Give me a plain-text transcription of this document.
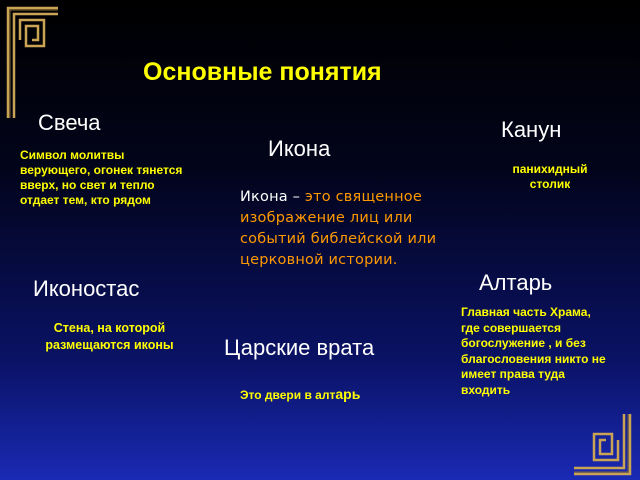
Основные понятия
Свеча
Символ молитвы верующего, огонек тянется вверх, но свет и тепло отдает тем, кто рядом
Икона
Икона – это священное изображение лиц или событий библейской или церковной истории.
Канун
панихидный столик
Иконостас
Стена, на которой размещаются иконы	Царские врата
Это двери в алтарь
Алтарь
Главная часть Храма, где совершается богослужение , и без благословения никто не имеет права туда входить
